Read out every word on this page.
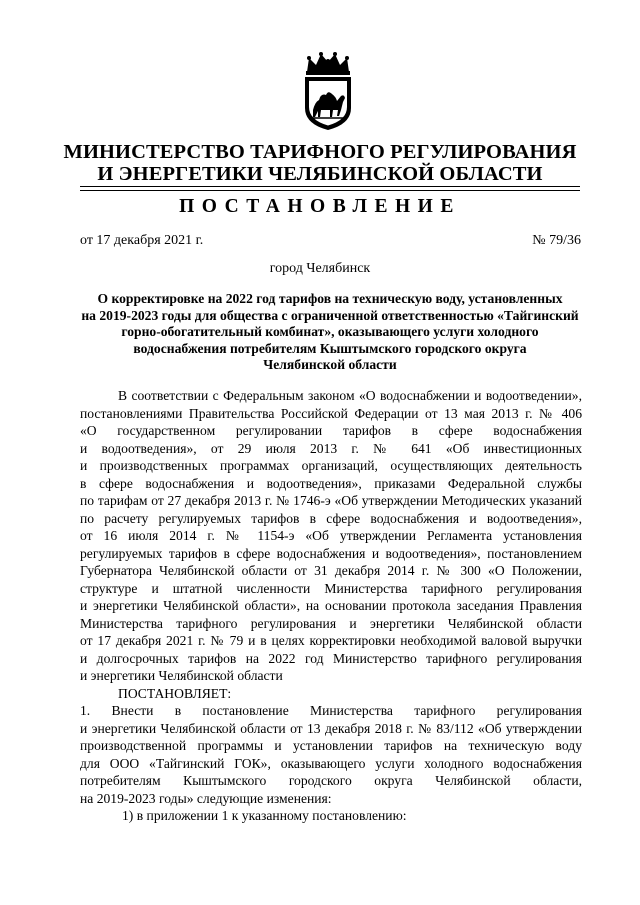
МИНИСТЕРСТВО ТАРИФНОГО РЕГУЛИРОВАНИЯ
И ЭНЕРГЕТИКИ ЧЕЛЯБИНСКОЙ ОБЛАСТИ
ПОСТАНОВЛЕНИЕ
от 17 декабря 2021 г.	№ 79/36
город Челябинск
О корректировке на 2022 год тарифов на техническую воду, установленных
на 2019-2023 годы для общества с ограниченной ответственностью «Тайгинский
горно-обогатительный комбинат», оказывающего услуги холодного
водоснабжения потребителям Кыштымского городского округа
Челябинской области
В соответствии с Федеральным законом «О водоснабжении и водоотведении»,
постановлениями Правительства Российской Федерации от 13 мая 2013 г. № 406
«О государственном регулировании тарифов в сфере водоснабжения
и водоотведения», от 29 июля 2013 г. № 641 «Об инвестиционных
и производственных программах организаций, осуществляющих деятельность
в сфере водоснабжения и водоотведения», приказами Федеральной службы
по тарифам от 27 декабря 2013 г. № 1746-э «Об утверждении Методических указаний
по расчету регулируемых тарифов в сфере водоснабжения и водоотведения»,
от 16 июля 2014 г. № 1154-э «Об утверждении Регламента установления
регулируемых тарифов в сфере водоснабжения и водоотведения», постановлением
Губернатора Челябинской области от 31 декабря 2014 г. № 300 «О Положении,
структуре и штатной численности Министерства тарифного регулирования
и энергетики Челябинской области», на основании протокола заседания Правления
Министерства тарифного регулирования и энергетики Челябинской области
от 17 декабря 2021 г. № 79 и в целях корректировки необходимой валовой выручки
и долгосрочных тарифов на 2022 год Министерство тарифного регулирования
и энергетики Челябинской области
ПОСТАНОВЛЯЕТ:
1. Внести в постановление Министерства тарифного регулирования
и энергетики Челябинской области от 13 декабря 2018 г. № 83/112 «Об утверждении
производственной программы и установлении тарифов на техническую воду
для ООО «Тайгинский ГОК», оказывающего услуги холодного водоснабжения
потребителям Кыштымского городского округа Челябинской области,
на 2019-2023 годы» следующие изменения:
1) в приложении 1 к указанному постановлению:
